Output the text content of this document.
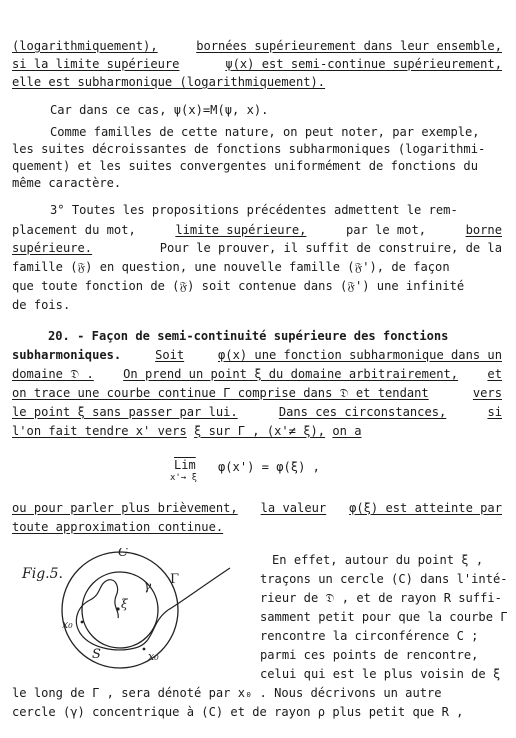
(logarithmiquement),	bornées supérieurement dans leur ensemble,
si la limite supérieure	ψ(x) est semi-continue supérieurement,
elle est subharmonique (logarithmiquement).
Car dans ce cas, ψ(x)=M(ψ, x).
Comme familles de cette nature, on peut noter, par exemple,
les suites décroissantes de fonctions subharmoniques (logarithmi-
quement) et les suites convergentes uniformément de fonctions du
même caractère.
3° Toutes les propositions précédentes admettent le rem-
placement du mot,	limite supérieure,	par le mot,	borne
supérieure.	Pour le prouver, il suffit de construire, de la
famille (𝔉) en question, une nouvelle famille (𝔉'), de façon
que toute fonction de (𝔉) soit contenue dans (𝔉') une infinité
de fois.
20. - Façon de semi-continuité supérieure des fonctions
subharmoniques.	Soit	φ(x) une fonction subharmonique dans un
domaine 𝔇 . On prend un point ξ du domaine arbitrairement, et
on trace une courbe continue Γ comprise dans 𝔇 et tendant	vers
le point ξ sans passer par lui.	Dans ces circonstances,	si
l'on fait tendre x' vers ξ sur Γ , (x'≠ ξ), on a
$\overline{Lim}$
x'→ ξ
φ(x') = φ(ξ) ,
ou pour parler plus brièvement, la valeur φ(ξ) est atteinte par
toute approximation continue.
Fig.5.
C
Γ
γ
ξ
x₀
x₀
S
En effet, autour du point ξ ,
traçons un cercle (C) dans l'inté-
rieur de 𝔇 , et de rayon R suffi-
samment petit pour que la courbe Γ
rencontre la circonférence C ;
parmi ces points de rencontre,
celui qui est le plus voisin de ξ
le long de Γ , sera dénoté par x₀ . Nous décrivons un autre
cercle (γ) concentrique à (C) et de rayon ρ plus petit que R ,
